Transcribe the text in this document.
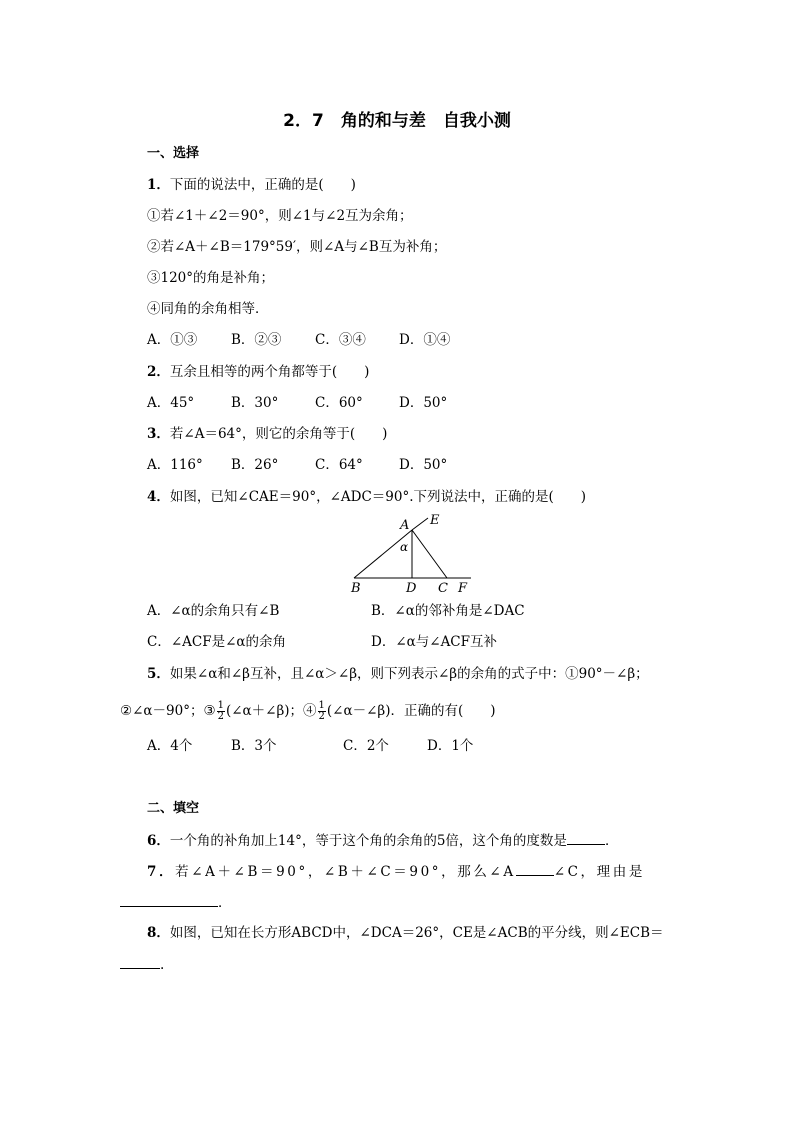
2．7　角的和与差　自我小测
一、选择
1．下面的说法中，正确的是(　　)
①若∠1＋∠2＝90°，则∠1与∠2互为余角；
②若∠A＋∠B＝179°59′，则∠A与∠B互为补角；
③120°的角是补角；
④同角的余角相等．
A．①③	B．②③ C．③④ D．①④
2．互余且相等的两个角都等于(　　)
A．45°	B．30°	C．60°	D．50°
3．若∠A＝64°，则它的余角等于(　　)
A．116° B．26°	C．64°	D．50°
4．如图，已知∠CAE＝90°，∠ADC＝90°.下列说法中，正确的是(　　)
A E
α
B	D C F
A．∠α的余角只有∠B	B．∠α的邻补角是∠DAC
C．∠ACF是∠α的余角	D．∠α与∠ACF互补
5．如果∠α和∠β互补，且∠α＞∠β，则下列表示∠β的余角的式子中：①90°－∠β；
②∠α－90°；③ $\frac{1}{2}$ (∠α＋∠β)；④ $\frac{1}{2}$ (∠α－∠β)．正确的有(　　)
A．4个	B．3个	C．2个	D．1个
二、填空
6．一个角的补角加上14°，等于这个角的余角的5倍，这个角的度数是	．
7．若∠A＋∠B＝90°，∠B＋∠C＝90°，那么∠A	∠C，理由是
．
8．如图，已知在长方形ABCD中，∠DCA＝26°，CE是∠ACB的平分线，则∠ECB＝
.
